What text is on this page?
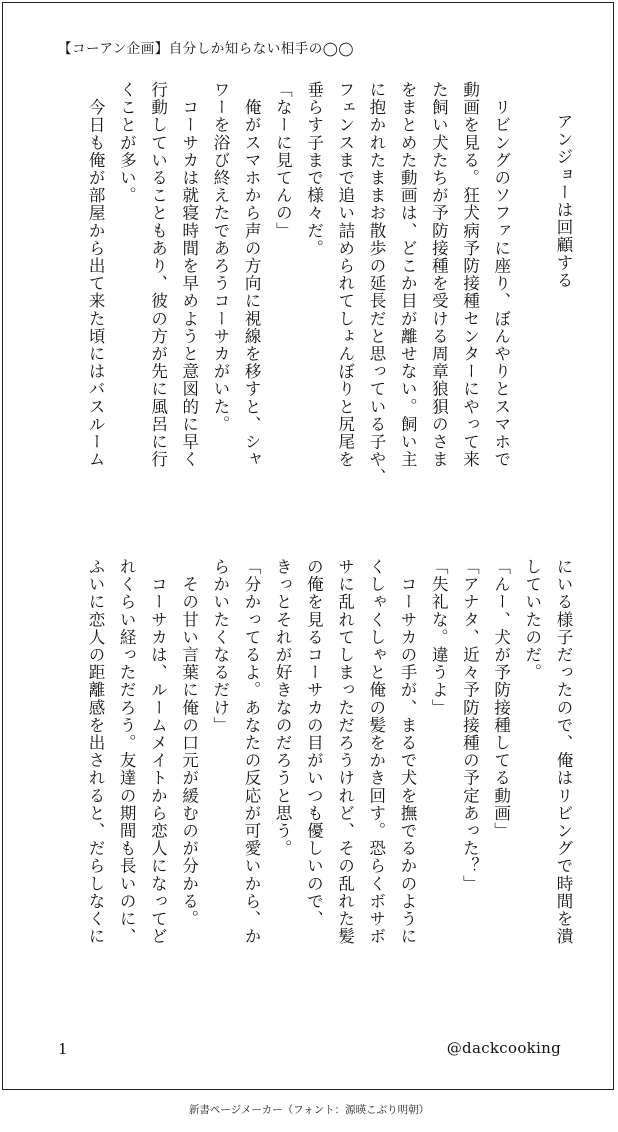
【コーアン企画】自分しか知らない相手の◯◯

アンジョーは回顧する

　リビングのソファに座り、ぼんやりとスマホで

動画を見る。狂犬病予防接種センターにやって来

た飼い犬たちが予防接種を受ける周章狼狽のさま

をまとめた動画は、どこか目が離せない。飼い主

に抱かれたままお散歩の延長だと思っている子や、

フェンスまで追い詰められてしょんぼりと尻尾を

垂らす子まで様々だ。

「なーに見てんの」

　俺がスマホから声の方向に視線を移すと、シャ

ワーを浴び終えたであろうコーサカがいた。

　コーサカは就寝時間を早めようと意図的に早く

行動していることもあり、彼の方が先に風呂に行

くことが多い。

　今日も俺が部屋から出て来た頃にはバスルーム

にいる様子だったので、俺はリビングで時間を潰

していたのだ。

「んー、犬が予防接種してる動画」

「アナタ、近々予防接種の予定あった？」

「失礼な。違うよ」

　コーサカの手が、まるで犬を撫でるかのように

くしゃくしゃと俺の髪をかき回す。恐らくボサボ

サに乱れてしまっただろうけれど、その乱れた髪

の俺を見るコーサカの目がいつも優しいので、

きっとそれが好きなのだろうと思う。

「分かってるよ。あなたの反応が可愛いから、か

らかいたくなるだけ」

　その甘い言葉に俺の口元が緩むのが分かる。

　コーサカは、ルームメイトから恋人になってど

れくらい経っただろう。友達の期間も長いのに、

ふいに恋人の距離感を出されると、だらしなくに

1	@dackcooking
新書ページメーカー（フォント：源暎こぶり明朝）
